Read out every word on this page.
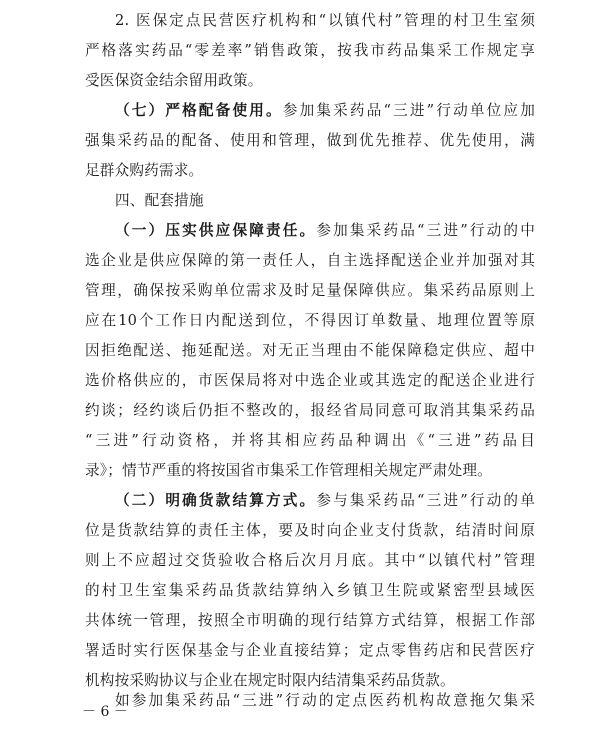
2. 医保定点民营医疗机构和“以镇代村”管理的村卫生室须
严格落实药品“零差率”销售政策，按我市药品集采工作规定享
受医保资金结余留用政策。
（七）严格配备使用。参加集采药品“三进”行动单位应加
强集采药品的配备、使用和管理，做到优先推荐、优先使用，满
足群众购药需求。
四、配套措施
（一）压实供应保障责任。参加集采药品“三进”行动的中
选企业是供应保障的第一责任人，自主选择配送企业并加强对其
管理，确保按采购单位需求及时足量保障供应。集采药品原则上
应在10个工作日内配送到位，不得因订单数量、地理位置等原
因拒绝配送、拖延配送。对无正当理由不能保障稳定供应、超中
选价格供应的，市医保局将对中选企业或其选定的配送企业进行
约谈；经约谈后仍拒不整改的，报经省局同意可取消其集采药品
“三进”行动资格，并将其相应药品种调出《“三进”药品目
录》；情节严重的将按国省市集采工作管理相关规定严肃处理。
（二）明确货款结算方式。参与集采药品“三进”行动的单
位是货款结算的责任主体，要及时向企业支付货款，结清时间原
则上不应超过交货验收合格后次月月底。其中“以镇代村”管理
的村卫生室集采药品货款结算纳入乡镇卫生院或紧密型县域医
共体统一管理，按照全市明确的现行结算方式结算，根据工作部
署适时实行医保基金与企业直接结算；定点零售药店和民营医疗
机构按采购协议与企业在规定时限内结清集采药品货款。
如参加集采药品“三进”行动的定点医药机构故意拖欠集采
－ 6 －
